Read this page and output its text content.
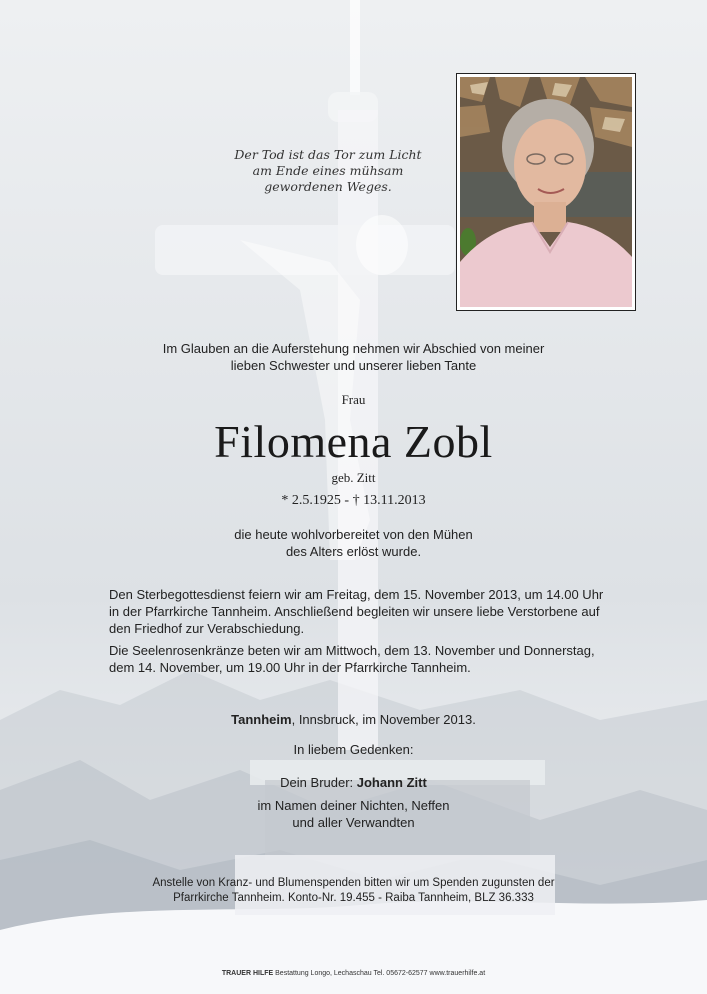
Der Tod ist das Tor zum Licht
am Ende eines mühsam
gewordenen Weges.
Im Glauben an die Auferstehung nehmen wir Abschied von meiner
lieben Schwester und unserer lieben Tante
Frau
Filomena Zobl
geb. Zitt
* 2.5.1925 - † 13.11.2013
die heute wohlvorbereitet von den Mühen
des Alters erlöst wurde.
Den Sterbegottesdienst feiern wir am Freitag, dem 15. November 2013, um 14.00 Uhr
in der Pfarrkirche Tannheim. Anschließend begleiten wir unsere liebe Verstorbene auf
den Friedhof zur Verabschiedung.
Die Seelenrosenkränze beten wir am Mittwoch, dem 13. November und Donnerstag,
dem 14. November, um 19.00 Uhr in der Pfarrkirche Tannheim.
Tannheim, Innsbruck, im November 2013.
In liebem Gedenken:
Dein Bruder: Johann Zitt
im Namen deiner Nichten, Neffen
und aller Verwandten
Anstelle von Kranz- und Blumenspenden bitten wir um Spenden zugunsten der
Pfarrkirche Tannheim. Konto-Nr. 19.455 - Raiba Tannheim, BLZ 36.333
TRAUER HILFE Bestattung Longo, Lechaschau Tel. 05672-62577 www.trauerhilfe.at
